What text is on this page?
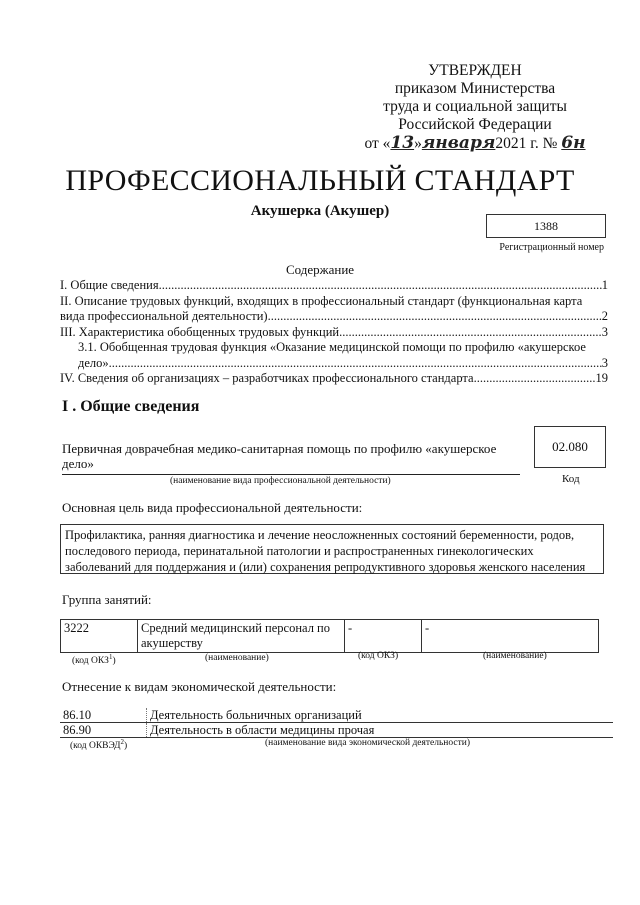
УТВЕРЖДЕН
приказом Министерства
труда и социальной защиты
Российской Федерации
от «13»января2021 г. № 6н
ПРОФЕССИОНАЛЬНЫЙ СТАНДАРТ
Акушерка (Акушер)
1388
Регистрационный номер
Содержание
I. Общие сведения .....	1
II. Описание трудовых функций, входящих в профессиональный стандарт (функциональная карта
вида профессиональной деятельности) .....	2
III. Характеристика обобщенных трудовых функций .....	3
3.1. Обобщенная трудовая функция «Оказание медицинской помощи по профилю «акушерское
дело» .....	3
IV. Сведения об организациях – разработчиках профессионального стандарта .....	19
I . Общие сведения
Первичная доврачебная медико-санитарная помощь по профилю «акушерское дело»
(наименование вида профессиональной деятельности)
02.080
Код
Основная цель вида профессиональной деятельности:
Профилактика, ранняя диагностика и лечение неосложненных состояний беременности, родов, последового периода, перинатальной патологии и распространенных гинекологических заболеваний для поддержания и (или) сохранения репродуктивного здоровья женского населения
Группа занятий:
3222	Средний медицинский персонал по акушерству	-	-
(код ОКЗ$^1$)	(наименование)	(код ОКЗ)	(наименование)
Отнесение к видам экономической деятельности:
86.10	Деятельность больничных организаций
86.90	Деятельность в области медицины прочая
(код ОКВЭД$^2$)	(наименование вида экономической деятельности)
